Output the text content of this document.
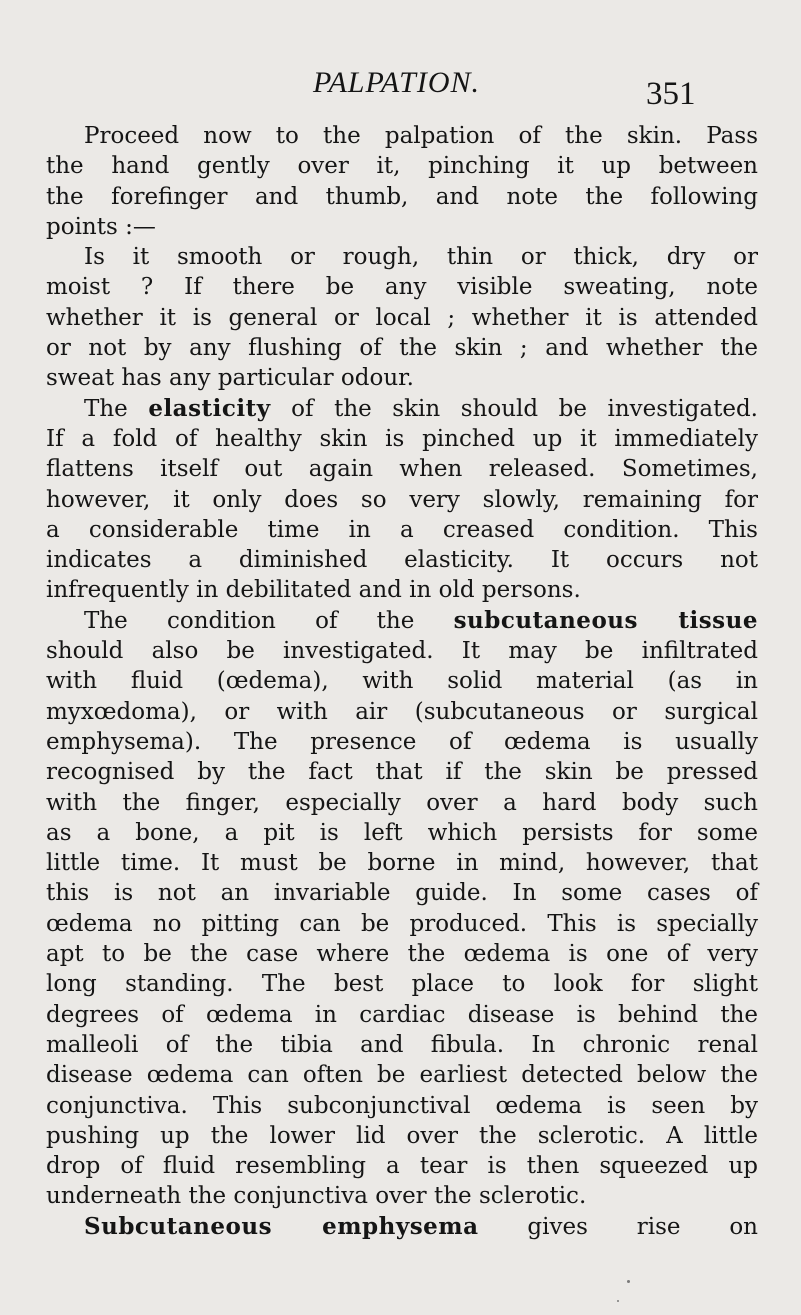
PALPATION.	351
Proceed now to the palpation of the skin. Pass
the hand gently over it, pinching it up between
the forefinger and thumb, and note the following
points :—
Is it smooth or rough, thin or thick, dry or
moist ? If there be any visible sweating, note
whether it is general or local ; whether it is attended
or not by any flushing of the skin ; and whether the
sweat has any particular odour.
The elasticity of the skin should be investigated.
If a fold of healthy skin is pinched up it immediately
flattens itself out again when released. Sometimes,
however, it only does so very slowly, remaining for
a considerable time in a creased condition. This
indicates a diminished elasticity. It occurs not
infrequently in debilitated and in old persons.
The condition of the subcutaneous tissue
should also be investigated. It may be infiltrated
with fluid (œdema), with solid material (as in
myxœdoma), or with air (subcutaneous or surgical
emphysema). The presence of œdema is usually
recognised by the fact that if the skin be pressed
with the finger, especially over a hard body such
as a bone, a pit is left which persists for some
little time. It must be borne in mind, however, that
this is not an invariable guide. In some cases of
œdema no pitting can be produced. This is specially
apt to be the case where the œdema is one of very
long standing. The best place to look for slight
degrees of œdema in cardiac disease is behind the
malleoli of the tibia and fibula. In chronic renal
disease œdema can often be earliest detected below the
conjunctiva. This subconjunctival œdema is seen by
pushing up the lower lid over the sclerotic. A little
drop of fluid resembling a tear is then squeezed up
underneath the conjunctiva over the sclerotic.
Subcutaneous emphysema gives rise on
